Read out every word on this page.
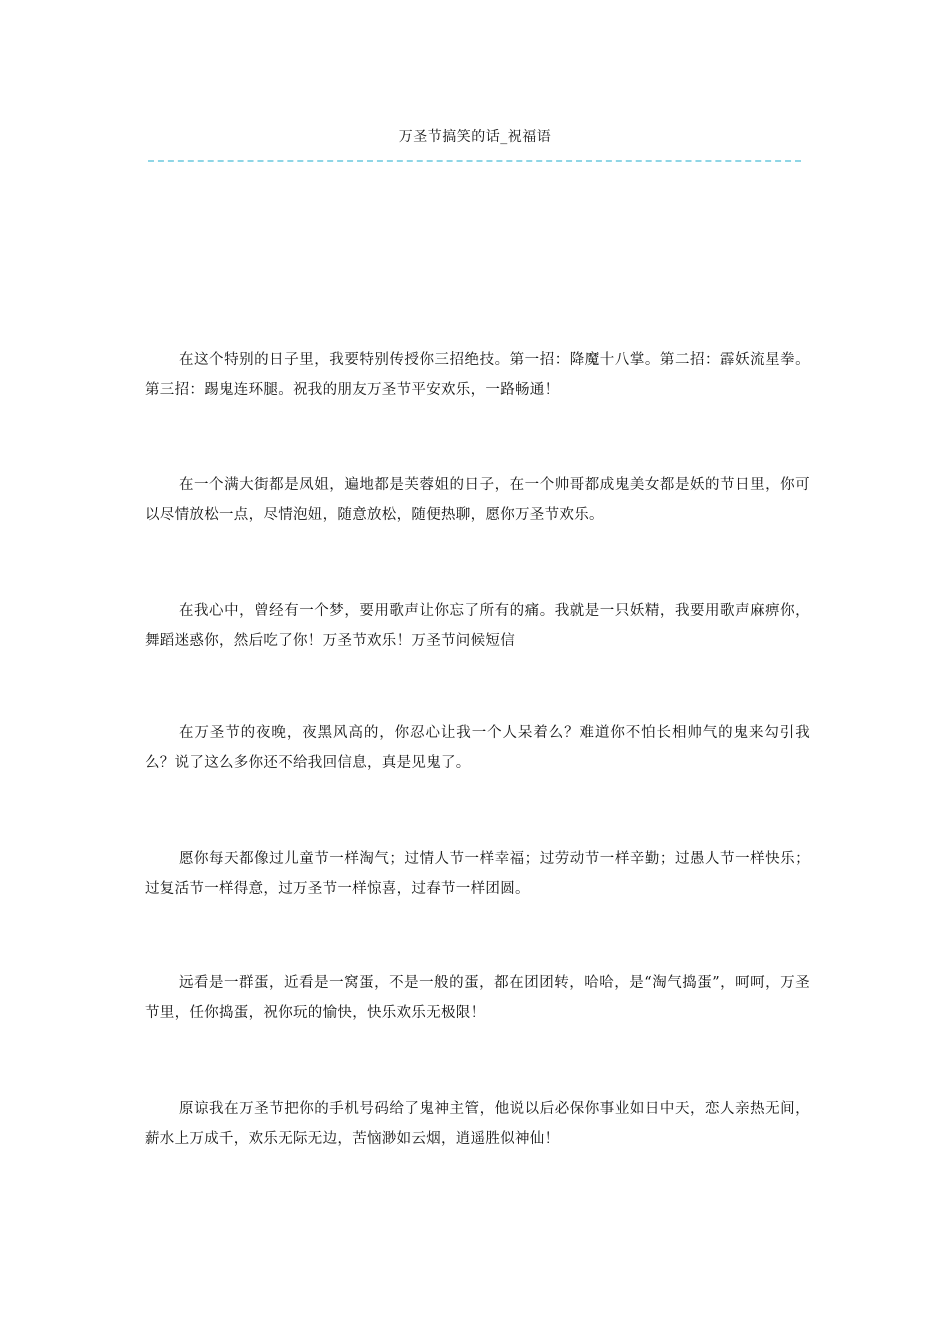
万圣节搞笑的话_祝福语

在这个特别的日子里，我要特别传授你三招绝技。第一招：降魔十八掌。第二招：霹妖流星拳。第三招：踢鬼连环腿。祝我的朋友万圣节平安欢乐，一路畅通！

在一个满大街都是凤姐，遍地都是芙蓉姐的日子，在一个帅哥都成鬼美女都是妖的节日里，你可以尽情放松一点，尽情泡妞，随意放松，随便热聊，愿你万圣节欢乐。

在我心中，曾经有一个梦，要用歌声让你忘了所有的痛。我就是一只妖精，我要用歌声麻痹你，舞蹈迷惑你，然后吃了你！万圣节欢乐！万圣节问候短信

在万圣节的夜晚，夜黑风高的，你忍心让我一个人呆着么？难道你不怕长相帅气的鬼来勾引我么？说了这么多你还不给我回信息，真是见鬼了。

愿你每天都像过儿童节一样淘气；过情人节一样幸福；过劳动节一样辛勤；过愚人节一样快乐；过复活节一样得意，过万圣节一样惊喜，过春节一样团圆。

远看是一群蛋，近看是一窝蛋，不是一般的蛋，都在团团转，哈哈，是“淘气捣蛋”，呵呵，万圣节里，任你捣蛋，祝你玩的愉快，快乐欢乐无极限！

原谅我在万圣节把你的手机号码给了鬼神主管，他说以后必保你事业如日中天，恋人亲热无间，薪水上万成千，欢乐无际无边，苦恼渺如云烟，逍遥胜似神仙！
